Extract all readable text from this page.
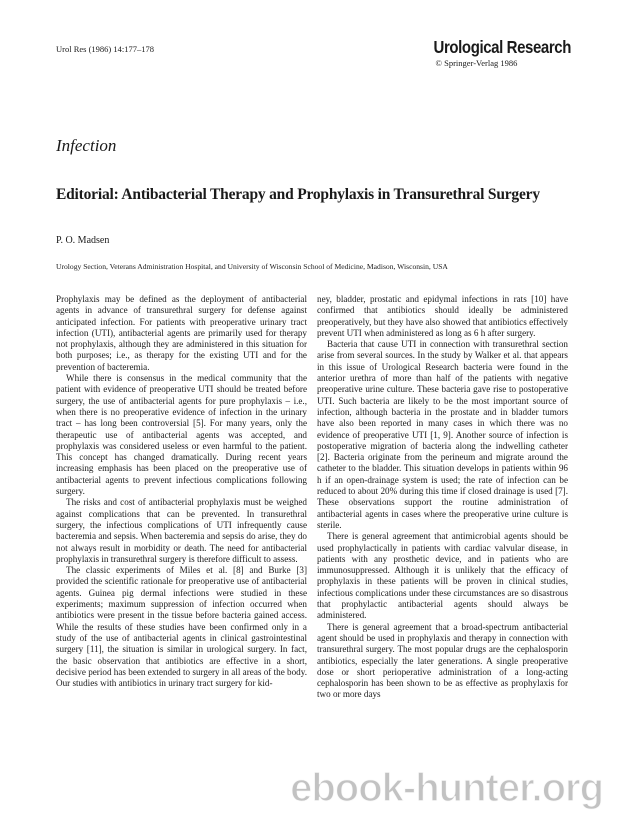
Urol Res (1986) 14:177–178	Urological Research
© Springer-Verlag 1986
Infection
Editorial: Antibacterial Therapy and Prophylaxis in Transurethral Surgery
P. O. Madsen
Urology Section, Veterans Administration Hospital, and University of Wisconsin School of Medicine, Madison, Wisconsin, USA

Prophylaxis may be defined as the deployment of antibacterial agents in advance of transurethral surgery for defense against anticipated infection. For patients with preoperative urinary tract infection (UTI), antibacterial agents are primarily used for therapy not prophylaxis, although they are administered in this situation for both purposes; i.e., as therapy for the existing UTI and for the prevention of bacteremia.

While there is consensus in the medical community that the patient with evidence of preoperative UTI should be treated before surgery, the use of antibacterial agents for pure prophylaxis – i.e., when there is no preoperative evidence of infection in the urinary tract – has long been controversial [5]. For many years, only the therapeutic use of antibacterial agents was accepted, and prophylaxis was considered useless or even harmful to the patient. This concept has changed dramatically. During recent years increasing emphasis has been placed on the preoperative use of antibacterial agents to prevent infectious complications following surgery.

The risks and cost of antibacterial prophylaxis must be weighed against complications that can be prevented. In transurethral surgery, the infectious complications of UTI infrequently cause bacteremia and sepsis. When bacteremia and sepsis do arise, they do not always result in morbidity or death. The need for antibacterial prophylaxis in transurethral surgery is therefore difficult to assess.

The classic experiments of Miles et al. [8] and Burke [3] provided the scientific rationale for preoperative use of antibacterial agents. Guinea pig dermal infections were studied in these experiments; maximum suppression of infection occurred when antibiotics were present in the tissue before bacteria gained access. While the results of these studies have been confirmed only in a study of the use of antibacterial agents in clinical gastrointestinal surgery [11], the situation is similar in urological surgery. In fact, the basic observation that antibiotics are effective in a short, decisive period has been extended to surgery in all areas of the body. Our studies with antibiotics in urinary tract surgery for kid-

ney, bladder, prostatic and epidymal infections in rats [10] have confirmed that antibiotics should ideally be administered preoperatively, but they have also showed that antibiotics effectively prevent UTI when administered as long as 6 h after surgery.

Bacteria that cause UTI in connection with transurethral section arise from several sources. In the study by Walker et al. that appears in this issue of Urological Research bacteria were found in the anterior urethra of more than half of the patients with negative preoperative urine culture. These bacteria gave rise to postoperative UTI. Such bacteria are likely to be the most important source of infection, although bacteria in the prostate and in bladder tumors have also been reported in many cases in which there was no evidence of preoperative UTI [1, 9]. Another source of infection is postoperative migration of bacteria along the indwelling catheter [2]. Bacteria originate from the perineum and migrate around the catheter to the bladder. This situation develops in patients within 96 h if an open-drainage system is used; the rate of infection can be reduced to about 20% during this time if closed drainage is used [7]. These observations support the routine administration of antibacterial agents in cases where the preoperative urine culture is sterile.

There is general agreement that antimicrobial agents should be used prophylactically in patients with cardiac valvular disease, in patients with any prosthetic device, and in patients who are immunosuppressed. Although it is unlikely that the efficacy of prophylaxis in these patients will be proven in clinical studies, infectious complications under these circumstances are so disastrous that prophylactic antibacterial agents should always be administered.

There is general agreement that a broad-spectrum antibacterial agent should be used in prophylaxis and therapy in connection with transurethral surgery. The most popular drugs are the cephalosporin antibiotics, especially the later generations. A single preoperative dose or short perioperative administration of a long-acting cephalosporin has been shown to be as effective as prophylaxis for two or more days

ebook-hunter.org
